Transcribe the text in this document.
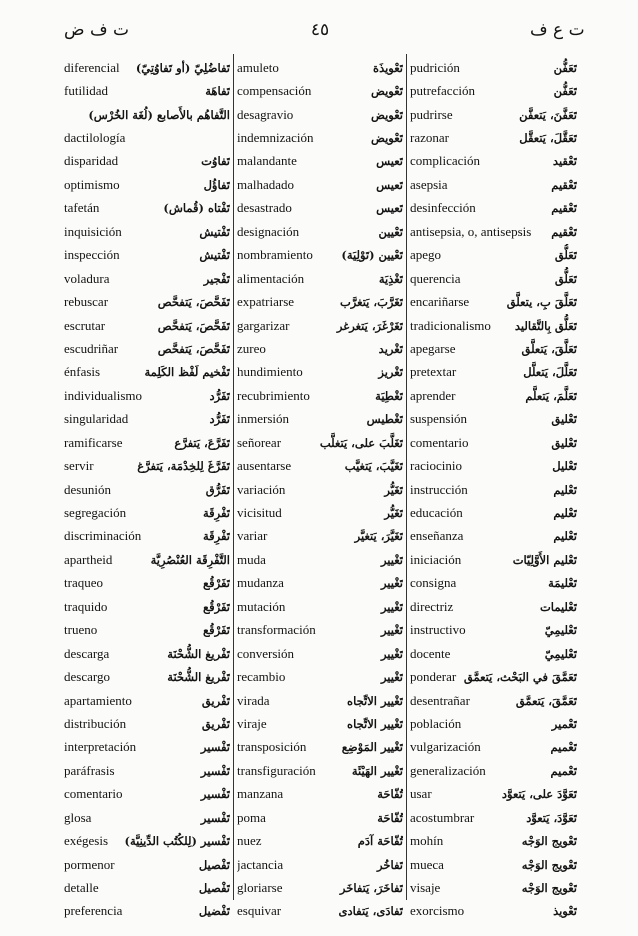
ت ف ض	٤٥	ت ع ف
diferencial تَفاضُلِيّ (أو تَفاوُتِيّ)
futilidad	تَفاهَة
التَّفاهُم بالأَصابع (لُغَة الخُرْس)
dactilología
disparidad	تَفاوُت
optimismo	تَفاؤُل
tafetán	تَفْتاه (قُماش)
inquisición	تَفْتيش
inspección	تَفْتيش
voladura	تَفْجير
rebuscar	تَفَحَّصَ، يَتفحَّص
escrutar	تَفَحَّصَ، يَتفحَّص
escudriñar	تَفَحَّصَ، يَتفحَّص
énfasis	تَفْخيم لَفْظ الكَلِمة
individualismo	تَفَرُّد
singularidad	تَفَرُّد
ramificarse	تَفَرَّعَ، يَتفرَّع
servir	تَفَرَّغَ لِلخِدْمَة، يَتفرَّغ
desunión	تَفَرُّق
segregación	تَفْرِقَة
discriminación	تَفْرِقَة
apartheid	التَّفْرِقَة العُنْصُرِيَّة
traqueo	تَفَرْقُع
traquido	تَفَرْقُع
trueno	تَفَرْقُع
descarga	تَفْريغ الشُّحْنَة
descargo	تَفْريغ الشُّحْنَة
apartamiento	تَفْريق
distribución	تَفْريق
interpretación	تَفْسير
paráfrasis	تَفْسير
comentario	تَفْسير
glosa	تَفْسير
exégesis تَفْسير (لِلكُتُب الدِّينِيَّة)
pormenor	تَفْصيل
detalle	تَفْصيل
preferencia	تَفْضيل
amuleto	تَعْويذَة
compensación	تَعْويض
desagravio	تَعْويض
indemnización	تَعْويض
malandante	تَعيس
malhadado	تَعيس
desastrado	تَعيس
designación	تَعْيين
nombramiento تَعْيين (تَوْلِيَة)
alimentación	تَغْذِيَة
expatriarse	تَغَرَّبَ، يَتغرَّب
gargarizar	تَغَرْغَرَ، يَتغرغر
zureo	تَغْريد
hundimiento	تَغْريز
recubrimiento	تَغْطِيَة
inmersión	تَغْطيس
señorear	تَغَلَّبَ على، يَتغلَّب
ausentarse	تَغَيَّبَ، يَتغيَّب
variación	تَغَيُّر
vicisitud	تَغَيُّر
variar	تَغَيَّرَ، يَتغيَّر
muda	تَغْيير
mudanza	تَغْيير
mutación	تَغْيير
transformación	تَغْيير
conversión	تَغْيير
recambio	تَغْيير
virada	تَغْيير الاتِّجاه
viraje	تَغْيير الاتِّجاه
transposición	تَغْيير المَوْضِع
transfiguración	تَغْيير الهَيْئَة
manzana	تُفّاحَة
poma	تُفّاحَة
nuez	تُفّاحَة آدَم
jactancia	تَفاخُر
gloriarse	تَفاخَرَ، يَتفاخَر
esquivar	تَفادَى، يَتفادى
pudrición	تَعَفُّن
putrefacción	تَعَفُّن
pudrirse	تَعَفَّنَ، يَتعفَّن
razonar	تَعَقَّلَ، يَتعقَّل
complicación	تَعْقيد
asepsia	تَعْقيم
desinfección	تَعْقيم
antisepsia, o, antisepsis تَعْقيم
apego	تَعَلُّق
querencia	تَعَلُّق
encariñarse	تَعَلَّقَ بِ، يتعلَّق
tradicionalismo تَعَلُّق بِالتَّقاليد
apegarse	تَعَلَّقَ، يَتعلَّق
pretextar	تَعَلَّلَ، يَتعلَّل
aprender	تَعَلَّمَ، يَتعلَّم
suspensión	تَعْليق
comentario	تَعْليق
raciocinio	تَعْليل
instrucción	تَعْليم
educación	تَعْليم
enseñanza	تَعْليم
iniciación	تَعْليم الأَوَّلِيّات
consigna	تَعْليمَة
directriz	تَعْليمات
instructivo	تَعْليمِيّ
docente	تَعْليمِيّ
ponderar تَعَمَّقَ في البَحْث، يَتعمَّق
desentrañar	تَعَمَّقَ، يَتعمَّق
población	تَعْمير
vulgarización	تَعْميم
generalización	تَعْميم
usar	تَعَوَّدَ على، يَتعوَّد
acostumbrar	تَعَوَّدَ، يَتعوَّد
mohín	تَعْويج الوَجْه
mueca	تَعْويج الوَجْه
visaje	تَعْويج الوَجْه
exorcismo	تَعْويذ
